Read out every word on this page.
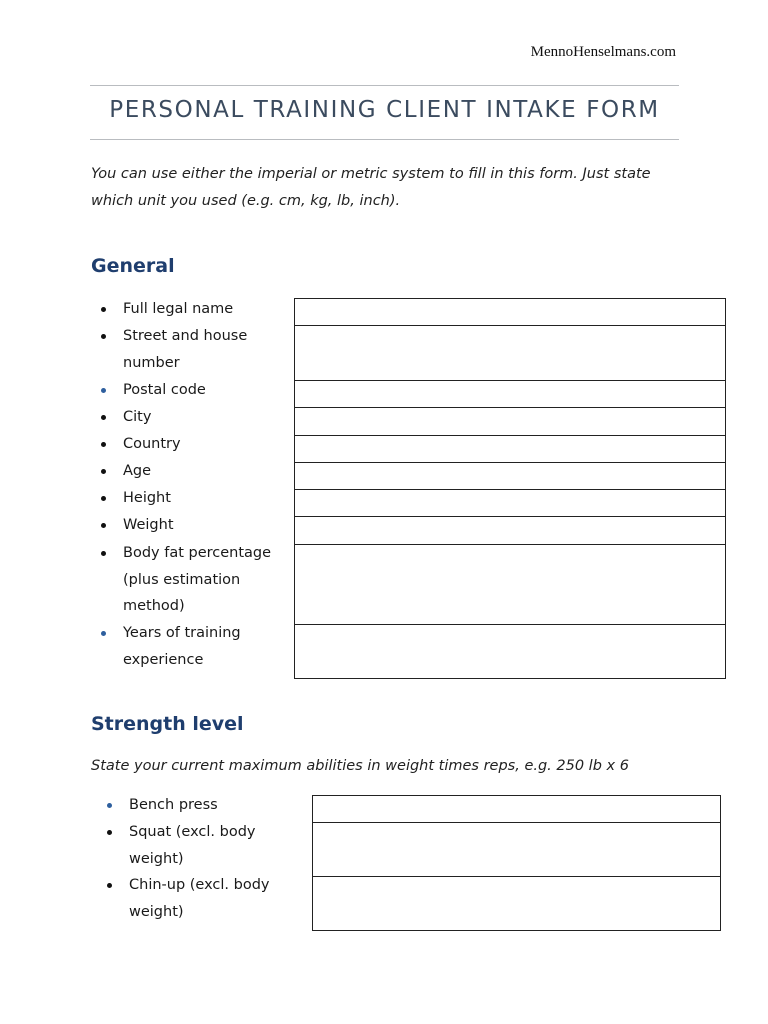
MennoHenselmans.com
PERSONAL TRAINING CLIENT INTAKE FORM
You can use either the imperial or metric system to fill in this form. Just state which unit you used (e.g. cm, kg, lb, inch).
General
Full legal name
Street and house number
Postal code
City
Country
Age
Height
Weight
Body fat percentage (plus estimation method)
Years of training experience
Strength level
State your current maximum abilities in weight times reps, e.g. 250 lb x 6
Bench press
Squat (excl. body weight)
Chin-up (excl. body weight)
